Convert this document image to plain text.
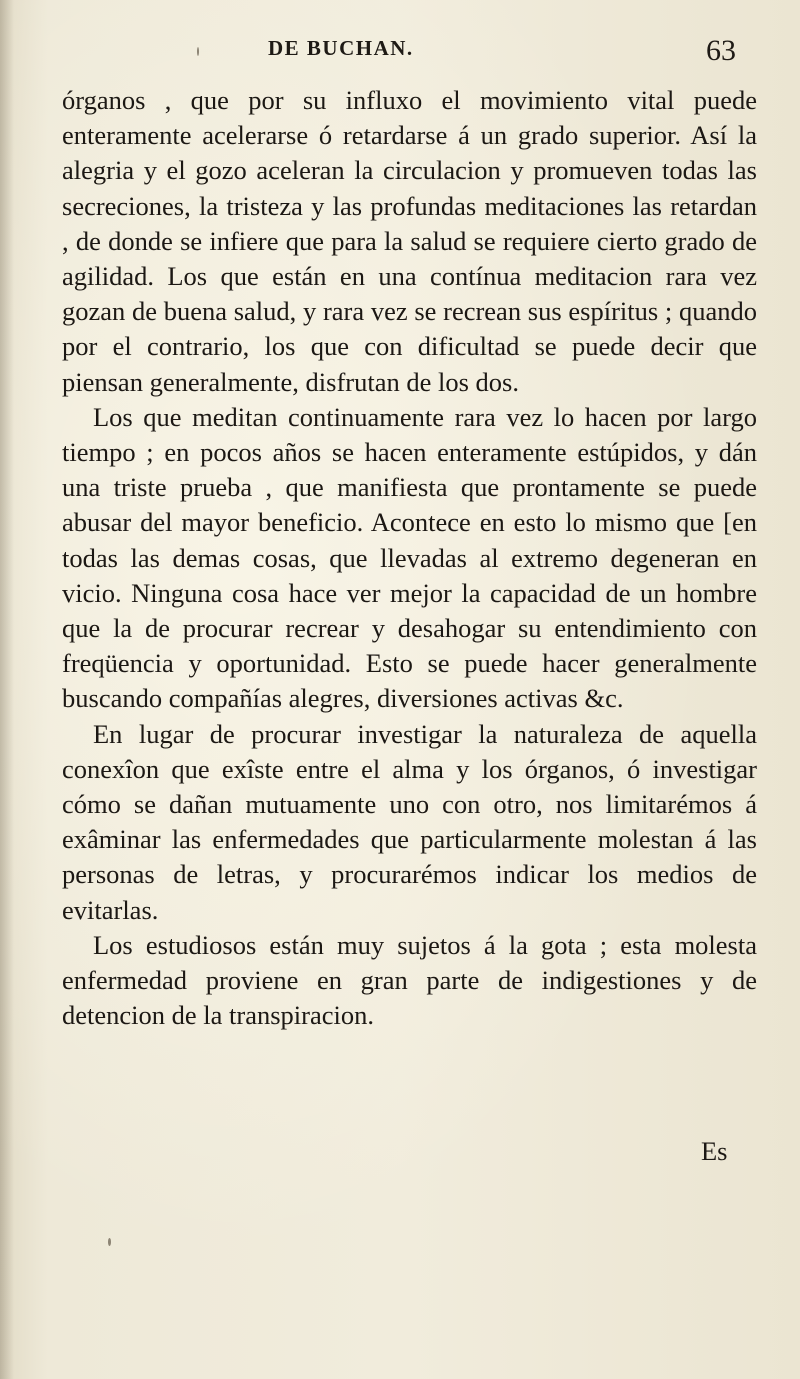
DE BUCHAN.	63

órganos , que por su influxo el movimiento vital puede enteramente acelerarse ó retardarse á un grado superior. Así la alegria y el gozo aceleran la circulacion y promueven todas las secreciones, la tristeza y las profundas meditaciones las retardan , de donde se infiere que para la salud se requiere cierto grado de agilidad. Los que están en una contínua meditacion rara vez gozan de buena salud, y rara vez se recrean sus espíritus ; quando por el contrario, los que con dificultad se puede decir que piensan generalmente, disfrutan de los dos.

Los que meditan continuamente rara vez lo hacen por largo tiempo ; en pocos años se hacen enteramente estúpidos, y dán una triste prueba , que manifiesta que prontamente se puede abusar del mayor beneficio. Acontece en esto lo mismo que [en todas las demas cosas, que llevadas al extremo degeneran en vicio. Ninguna cosa hace ver mejor la capacidad de un hombre que la de procurar recrear y desahogar su entendimiento con freqüencia y oportunidad. Esto se puede hacer generalmente buscando compañías alegres, diversiones activas &c.

En lugar de procurar investigar la naturaleza de aquella conexîon que exîste entre el alma y los órganos, ó investigar cómo se dañan mutuamente uno con otro, nos limitarémos á exâminar las enfermedades que particularmente molestan á las personas de letras, y procurarémos indicar los medios de evitarlas.

Los estudiosos están muy sujetos á la gota ; esta molesta enfermedad proviene en gran parte de indigestiones y de detencion de la transpiracion.

Es
